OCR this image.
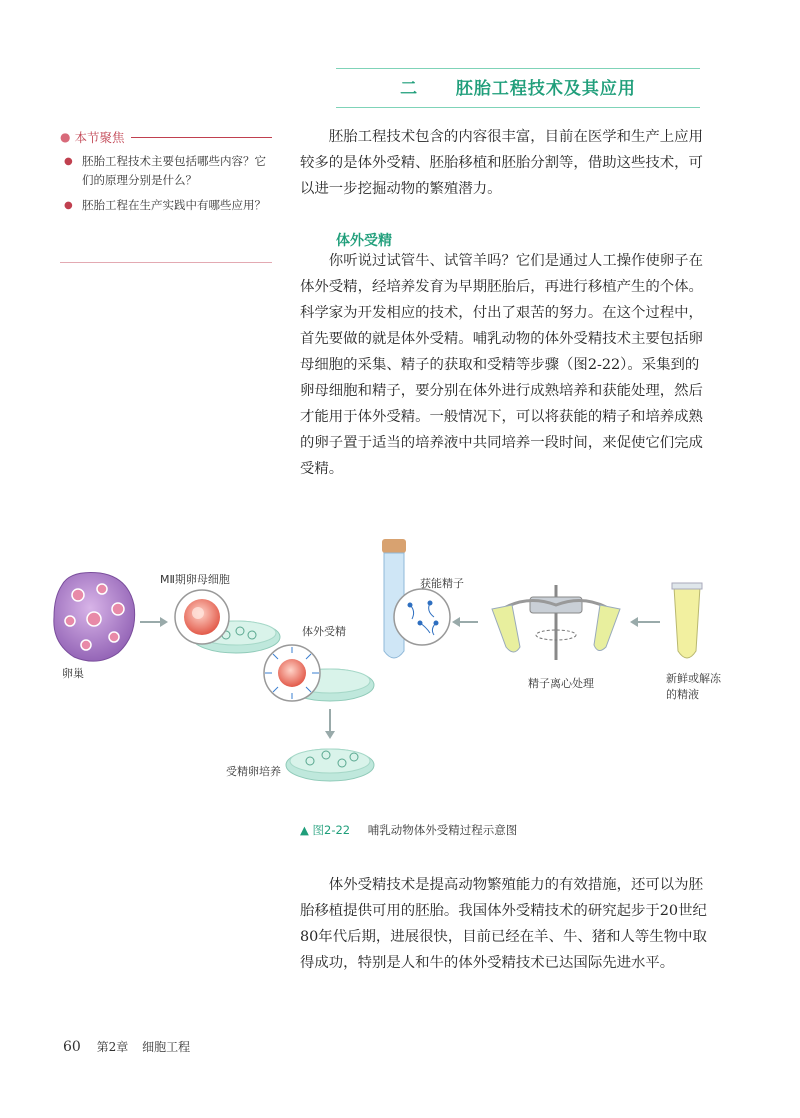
二 胚胎工程技术及其应用
● 本节聚焦
● 胚胎工程技术主要包括哪些内容？它们的原理分别是什么？
● 胚胎工程在生产实践中有哪些应用？

胚胎工程技术包含的内容很丰富，目前在医学和生产上应用较多的是体外受精、胚胎移植和胚胎分割等，借助这些技术，可以进一步挖掘动物的繁殖潜力。

体外受精

你听说过试管牛、试管羊吗？它们是通过人工操作使卵子在体外受精，经培养发育为早期胚胎后，再进行移植产生的个体。科学家为开发相应的技术，付出了艰苦的努力。在这个过程中，首先要做的就是体外受精。哺乳动物的体外受精技术主要包括卵母细胞的采集、精子的获取和受精等步骤（图2-22）。采集到的卵母细胞和精子，要分别在体外进行成熟培养和获能处理，然后才能用于体外受精。一般情况下，可以将获能的精子和培养成熟的卵子置于适当的培养液中共同培养一段时间，来促使它们完成受精。

卵巢
MⅡ期卵母细胞
体外受精
获能精子
精子离心处理	新鲜或解冻的精液
受精卵培养
▲ 图2-22 哺乳动物体外受精过程示意图

体外受精技术是提高动物繁殖能力的有效措施，还可以为胚胎移植提供可用的胚胎。我国体外受精技术的研究起步于20世纪80年代后期，进展很快，目前已经在羊、牛、猪和人等生物中取得成功，特别是人和牛的体外受精技术已达国际先进水平。

60 第2章 细胞工程
